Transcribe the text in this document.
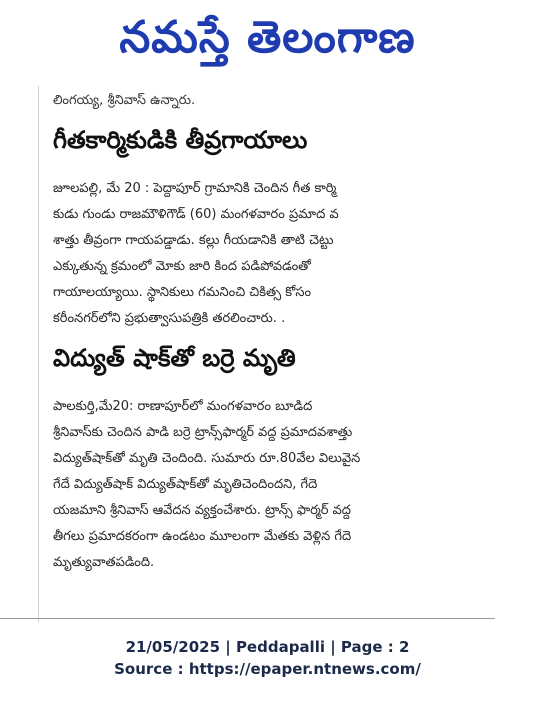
నమస్తే తెలంగాణ
లింగయ్య, శ్రీనివాస్ ఉన్నారు.
గీతకార్మికుడికి తీవ్రగాయాలు
జూలపల్లి, మే 20 : పెద్దాపూర్ గ్రామానికి చెందిన గీత కార్మి
కుడు గుండు రాజమౌళిగౌడ్ (60) మంగళవారం ప్రమాద వ
శాత్తు తీవ్రంగా గాయపడ్డాడు. కల్లు గీయడానికి తాటి చెట్టు
ఎక్కుతున్న క్రమంలో మోకు జారి కింద పడిపోవడంతో
గాయాలయ్యాయి. స్థానికులు గమనించి చికిత్స కోసం
కరీంనగర్‌లోని ప్రభుత్వాసుపత్రికి తరలించారు. .
విద్యుత్ షాక్‌తో బర్రె మృతి
పాలకుర్తి,మే20: రాణాపూర్‌లో మంగళవారం బూడిద
శ్రీనివాస్‌కు చెందిన పాడి బర్రె ట్రాన్స్‌ఫార్మర్ వద్ద ప్రమాదవశాత్తు
విద్యుత్‌షాక్‌తో మృతి చెందింది. సుమారు రూ.80వేల విలువైన
గేదే విద్యుత్‌షాక్ విద్యుత్‌షాక్‌తో మృతిచెందిందని, గేదె
యజమాని శ్రీనివాస్ ఆవేదన వ్యక్తంచేశారు. ట్రాన్స్ ఫార్మర్ వద్ద
తీగలు ప్రమాదకరంగా ఉండటం మూలంగా మేతకు వెళ్లిన గేదె
మృత్యువాతపడింది.
21/05/2025 | Peddapalli | Page : 2
Source : https://epaper.ntnews.com/
